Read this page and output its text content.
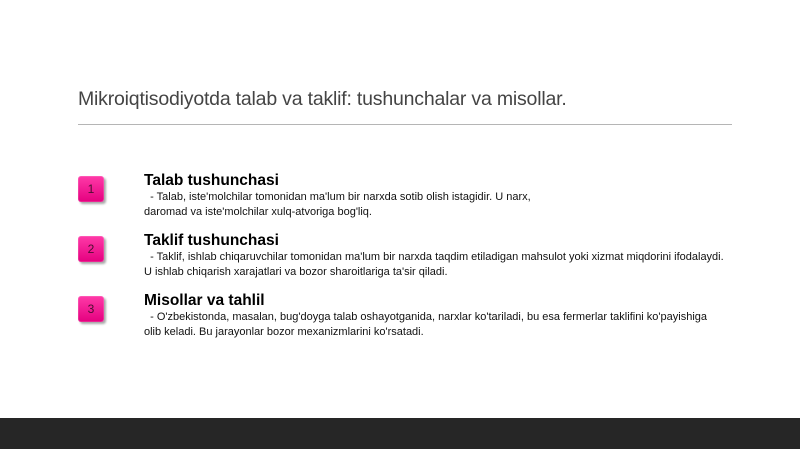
Mikroiqtisodiyotda talab va taklif: tushunchalar va misollar.
1	Talab tushunchasi
- Talab, iste'molchilar tomonidan ma'lum bir narxda sotib olish istagidir. U narx, daromad va iste'molchilar xulq-atvoriga bog'liq.
2	Taklif tushunchasi
- Taklif, ishlab chiqaruvchilar tomonidan ma'lum bir narxda taqdim etiladigan mahsulot yoki xizmat miqdorini ifodalaydi. U ishlab chiqarish xarajatlari va bozor sharoitlariga ta'sir qiladi.
3	Misollar va tahlil
- O'zbekistonda, masalan, bug'doyga talab oshayotganida, narxlar ko'tariladi, bu esa fermerlar taklifini ko'payishiga olib keladi. Bu jarayonlar bozor mexanizmlarini ko'rsatadi.
